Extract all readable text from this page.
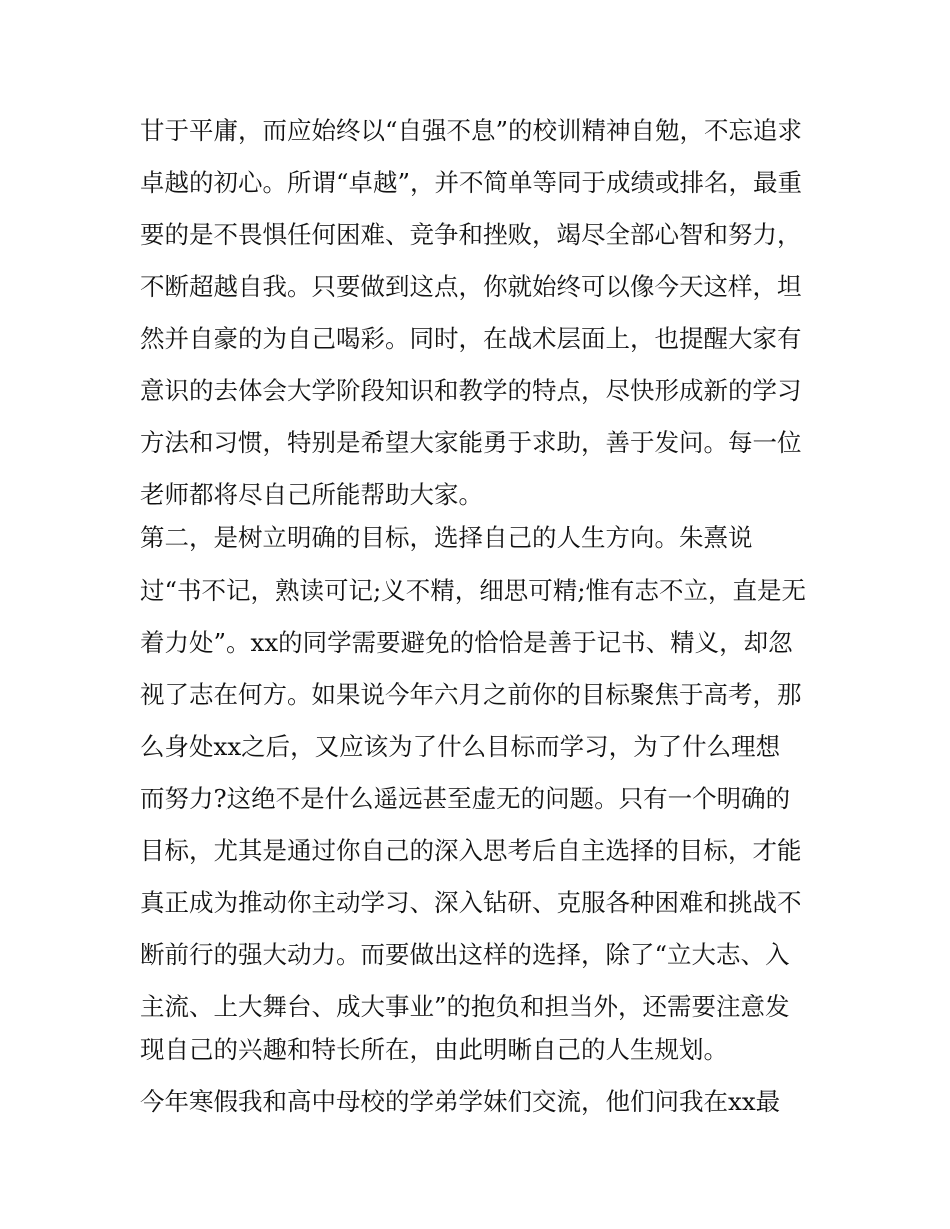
甘于平庸，而应始终以“自强不息”的校训精神自勉，不忘追求

卓越的初心。所谓“卓越”，并不简单等同于成绩或排名，最重

要的是不畏惧任何困难、竞争和挫败，竭尽全部心智和努力，

不断超越自我。只要做到这点，你就始终可以像今天这样，坦

然并自豪的为自己喝彩。同时，在战术层面上，也提醒大家有

意识的去体会大学阶段知识和教学的特点，尽快形成新的学习

方法和习惯，特别是希望大家能勇于求助，善于发问。每一位

老师都将尽自己所能帮助大家。

第二，是树立明确的目标，选择自己的人生方向。朱熹说

过“书不记，熟读可记;义不精，细思可精;惟有志不立，直是无

着力处”。xx的同学需要避免的恰恰是善于记书、精义，却忽

视了志在何方。如果说今年六月之前你的目标聚焦于高考，那

么身处xx之后，又应该为了什么目标而学习，为了什么理想

而努力?这绝不是什么遥远甚至虚无的问题。只有一个明确的

目标，尤其是通过你自己的深入思考后自主选择的目标，才能

真正成为推动你主动学习、深入钻研、克服各种困难和挑战不

断前行的强大动力。而要做出这样的选择，除了“立大志、入

主流、上大舞台、成大事业”的抱负和担当外，还需要注意发

现自己的兴趣和特长所在，由此明晰自己的人生规划。

今年寒假我和高中母校的学弟学妹们交流，他们问我在xx最
